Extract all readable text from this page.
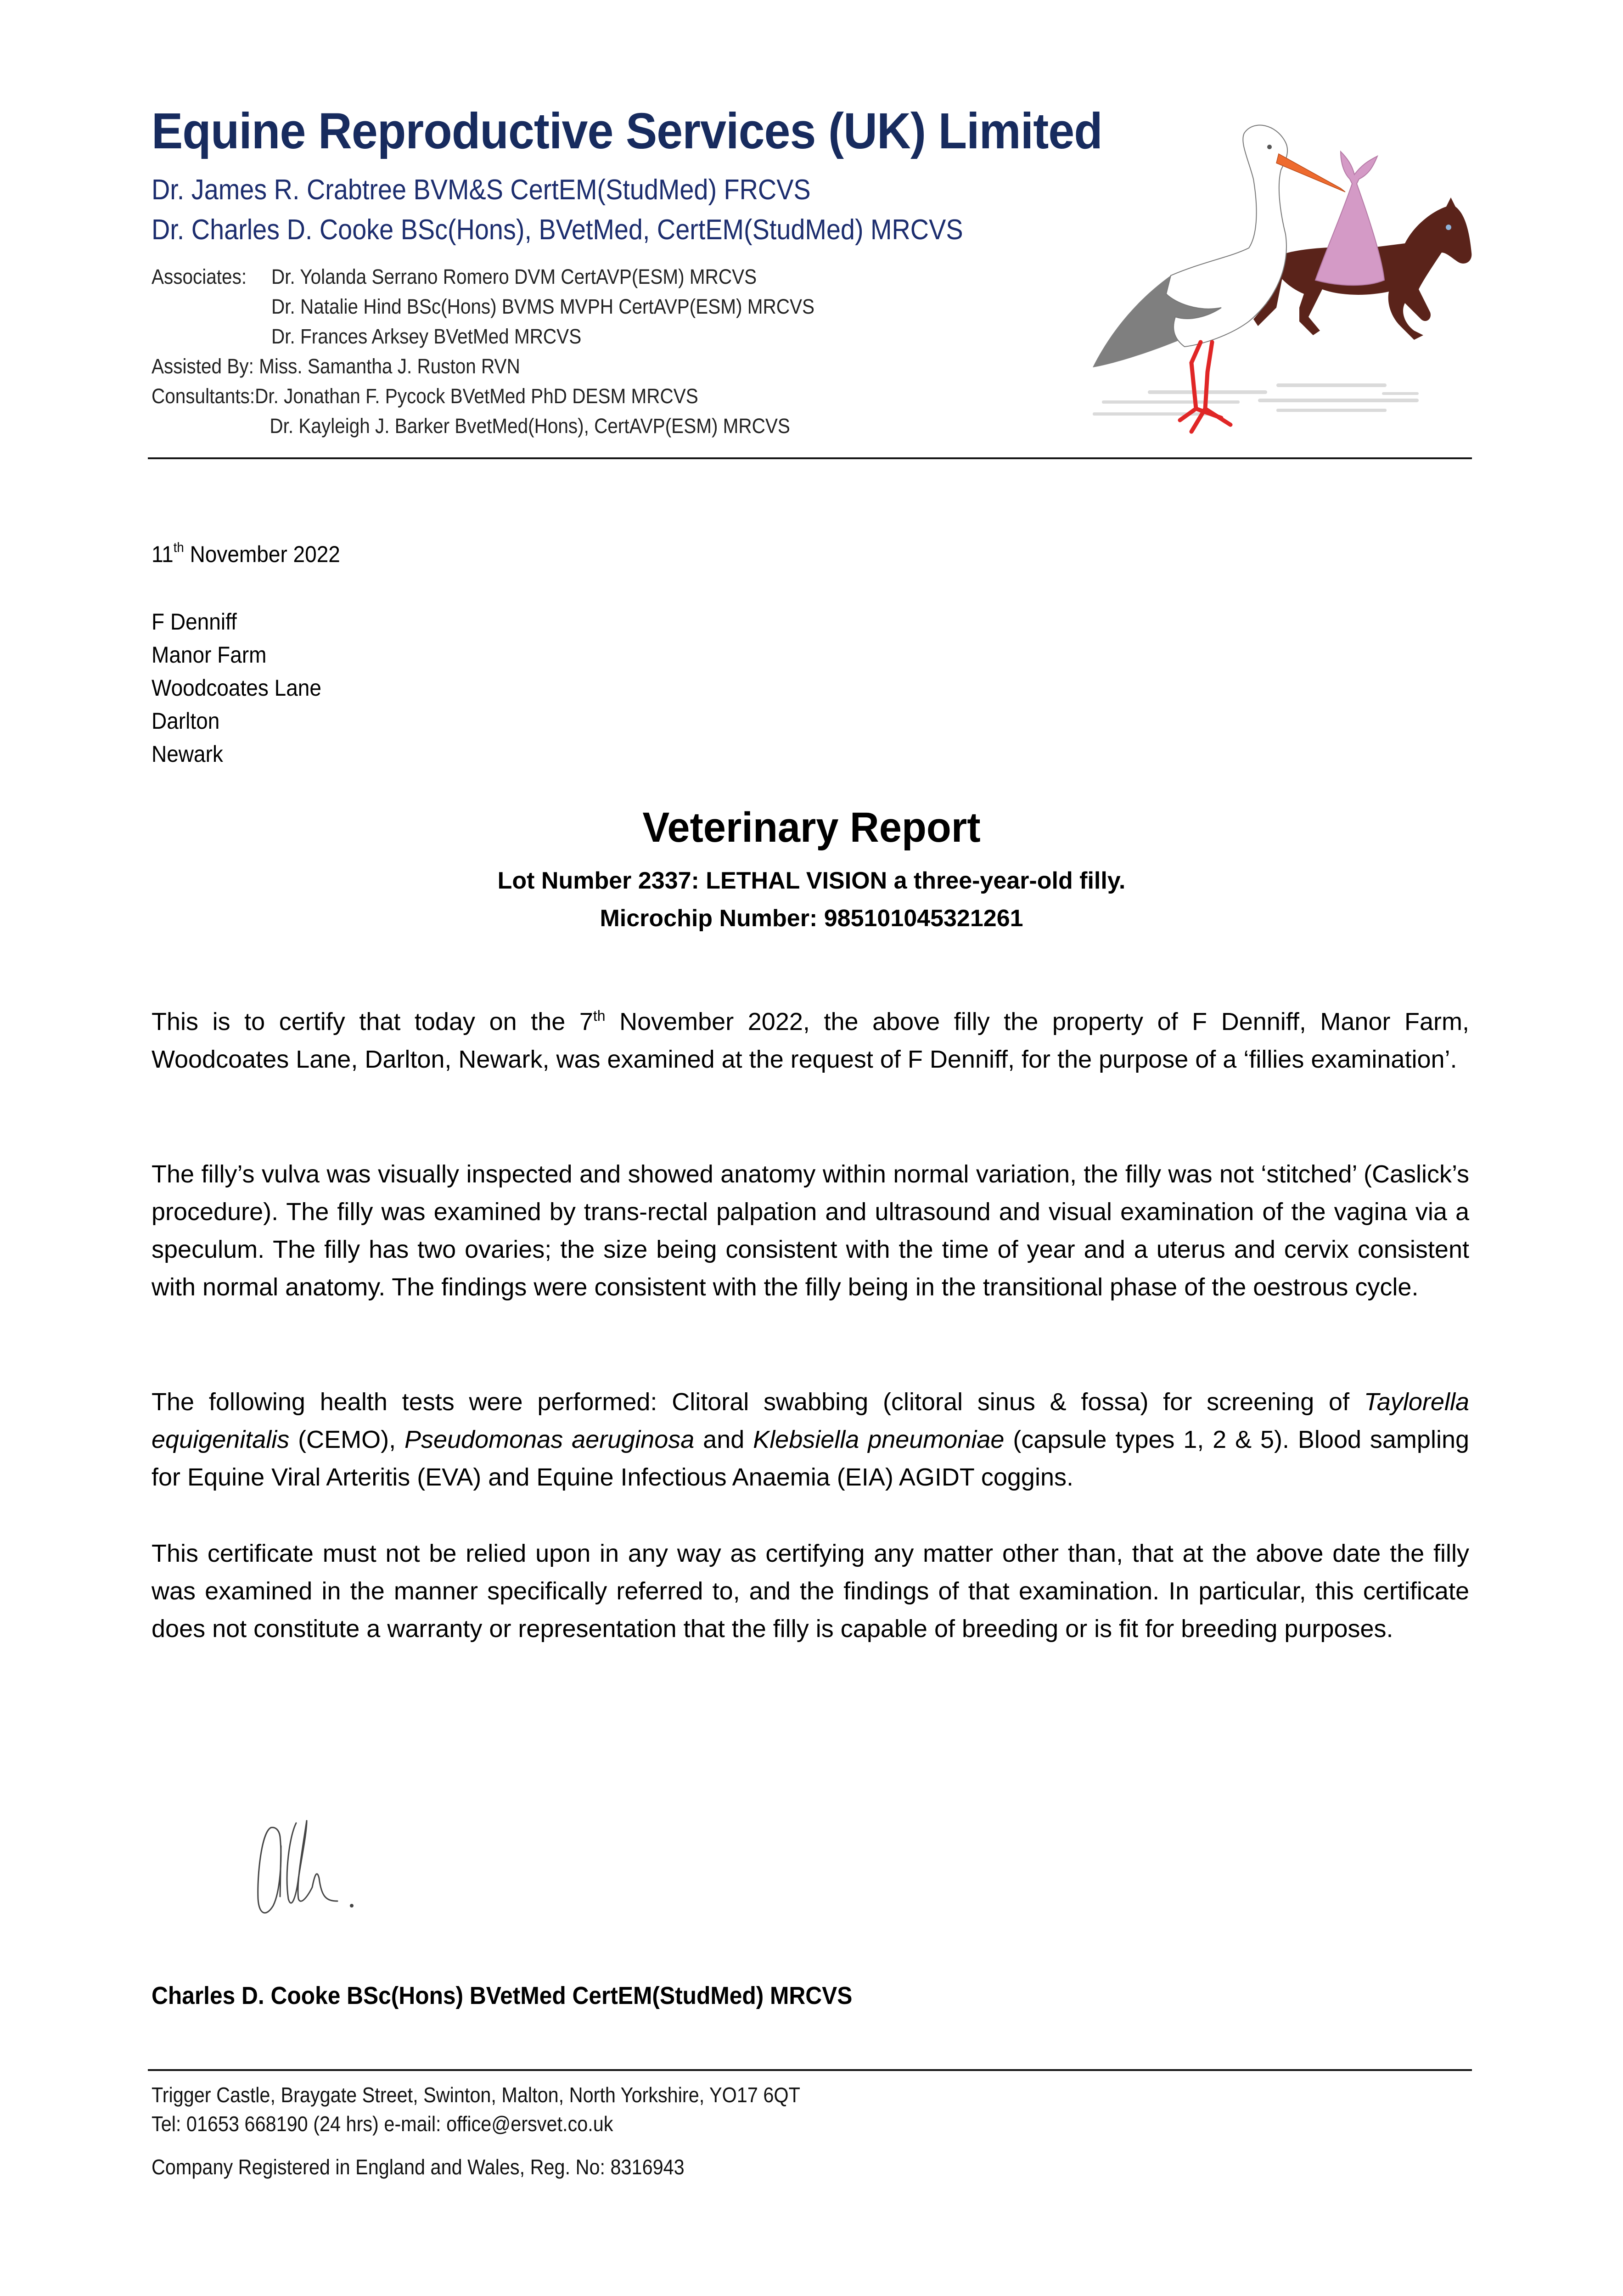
Equine Reproductive Services (UK) Limited
Dr. James R. Crabtree BVM&S CertEM(StudMed) FRCVS
Dr. Charles D. Cooke BSc(Hons), BVetMed, CertEM(StudMed) MRCVS
Associates: Dr. Yolanda Serrano Romero DVM CertAVP(ESM) MRCVS
Dr. Natalie Hind BSc(Hons) BVMS MVPH CertAVP(ESM) MRCVS
Dr. Frances Arksey BVetMed MRCVS
Assisted By: Miss. Samantha J. Ruston RVN
Consultants:Dr. Jonathan F. Pycock BVetMed PhD DESM MRCVS
Dr. Kayleigh J. Barker BvetMed(Hons), CertAVP(ESM) MRCVS
11th November 2022
F Denniff
Manor Farm
Woodcoates Lane
Darlton
Newark
Veterinary Report
Lot Number 2337: LETHAL VISION a three-year-old filly.
Microchip Number: 985101045321261
This is to certify that today on the 7th November 2022, the above filly the property of F Denniff, Manor Farm, Woodcoates Lane, Darlton, Newark, was examined at the request of F Denniff, for the purpose of a ‘fillies examination’.
The filly’s vulva was visually inspected and showed anatomy within normal variation, the filly was not ‘stitched’ (Caslick’s procedure). The filly was examined by trans-rectal palpation and ultrasound and visual examination of the vagina via a speculum. The filly has two ovaries; the size being consistent with the time of year and a uterus and cervix consistent with normal anatomy. The findings were consistent with the filly being in the transitional phase of the oestrous cycle.
The following health tests were performed: Clitoral swabbing (clitoral sinus & fossa) for screening of Taylorella equigenitalis (CEMO), Pseudomonas aeruginosa and Klebsiella pneumoniae (capsule types 1, 2 & 5). Blood sampling for Equine Viral Arteritis (EVA) and Equine Infectious Anaemia (EIA) AGIDT coggins.
This certificate must not be relied upon in any way as certifying any matter other than, that at the above date the filly was examined in the manner specifically referred to, and the findings of that examination. In particular, this certificate does not constitute a warranty or representation that the filly is capable of breeding or is fit for breeding purposes.
Charles D. Cooke BSc(Hons) BVetMed CertEM(StudMed) MRCVS
Trigger Castle, Braygate Street, Swinton, Malton, North Yorkshire, YO17 6QT
Tel: 01653 668190 (24 hrs) e-mail: office@ersvet.co.uk
Company Registered in England and Wales, Reg. No: 8316943
